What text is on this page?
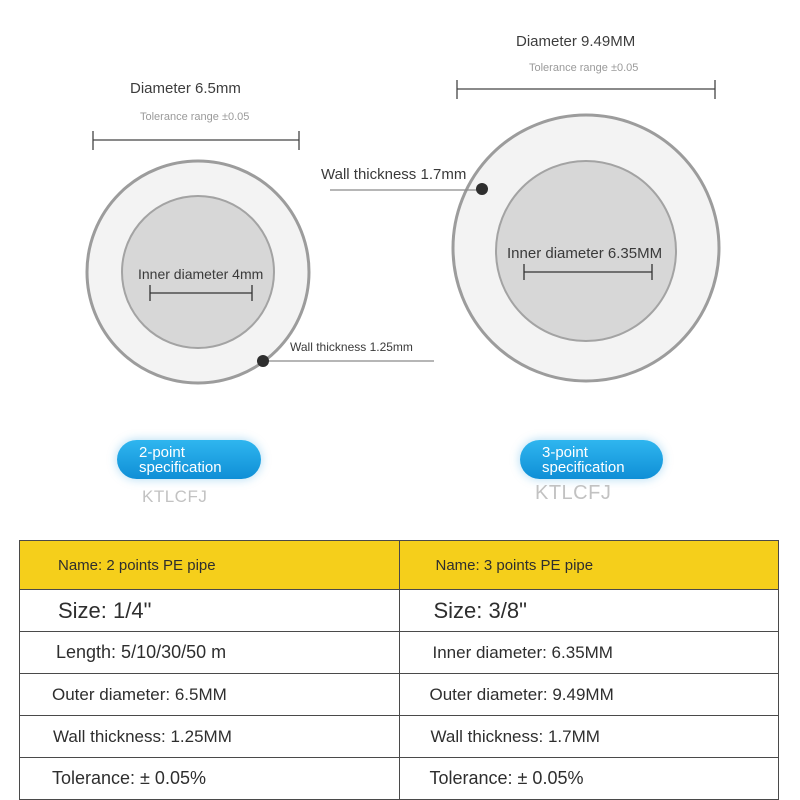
Diameter 6.5mm
Tolerance range ±0.05
Inner diameter 4mm
Wall thickness 1.25mm
Diameter 9.49MM
Tolerance range ±0.05
Inner diameter 6.35MM
Wall thickness 1.7mm
2-point
specification
3-point
specification
KTLCFJ	KTLCFJ
Name: 2 points PE pipe	Name: 3 points PE pipe
Size: 1/4"	Size: 3/8"
Length: 5/10/30/50 m	Inner diameter: 6.35MM
Outer diameter: 6.5MM	Outer diameter: 9.49MM
Wall thickness: 1.25MM	Wall thickness: 1.7MM
Tolerance: ± 0.05%	Tolerance: ± 0.05%
